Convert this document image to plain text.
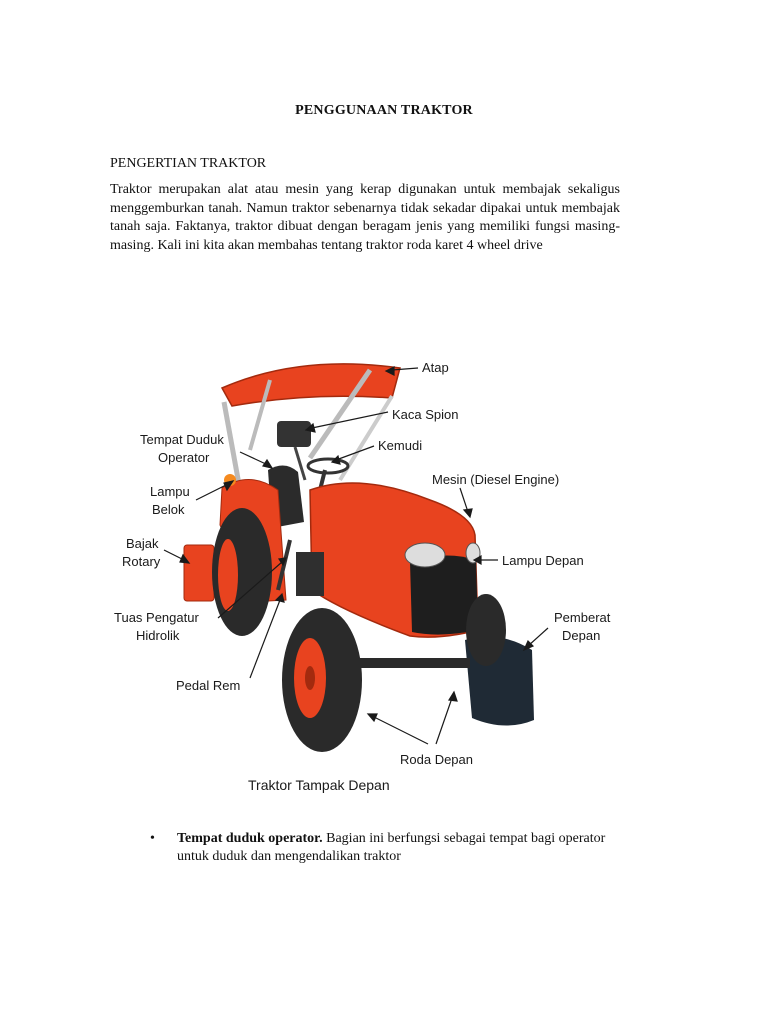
PENGGUNAAN TRAKTOR
PENGERTIAN TRAKTOR

Traktor merupakan alat atau mesin yang kerap digunakan untuk membajak sekaligus menggemburkan tanah. Namun traktor sebenarnya tidak sekadar dipakai untuk membajak tanah saja. Faktanya, traktor dibuat dengan beragam jenis yang memiliki fungsi masing-masing. Kali ini kita akan membahas tentang traktor roda karet 4 wheel drive

Atap
Kaca Spion
Tempat Duduk
Operator
Kemudi
Mesin (Diesel Engine)
Lampu
Belok
Bajak
Rotary	Lampu Depan
Pemberat
Depan
Tuas Pengatur
Hidrolik
Pedal Rem
Roda Depan
Traktor Tampak Depan
• Tempat duduk operator. Bagian ini berfungsi sebagai tempat bagi operator untuk duduk dan mengendalikan traktor
